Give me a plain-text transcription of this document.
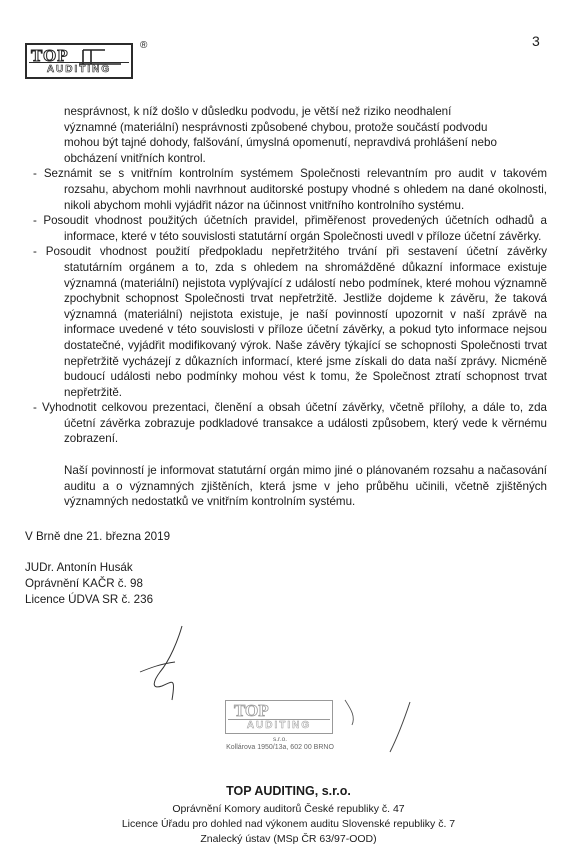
TOP
AUDITING
®	3
nesprávnost, k níž došlo v důsledku podvodu, je větší než riziko neodhalení
významné (materiální) nesprávnosti způsobené chybou, protože součástí podvodu
mohou být tajné dohody, falšování, úmyslná opomenutí, nepravdivá prohlášení nebo
obcházení vnitřních kontrol.
- Seznámit se s vnitřním kontrolním systémem Společnosti relevantním pro audit v takovém rozsahu, abychom mohli navrhnout auditorské postupy vhodné s ohledem na dané okolnosti, nikoli abychom mohli vyjádřit názor na účinnost vnitřního kontrolního systému.
- Posoudit vhodnost použitých účetních pravidel, přiměřenost provedených účetních odhadů a informace, které v této souvislosti statutární orgán Společnosti uvedl v příloze účetní závěrky.
- Posoudit vhodnost použití předpokladu nepřetržitého trvání při sestavení účetní závěrky statutárním orgánem a to, zda s ohledem na shromážděné důkazní informace existuje významná (materiální) nejistota vyplývající z událostí nebo podmínek, které mohou významně zpochybnit schopnost Společnosti trvat nepřetržitě. Jestliže dojdeme k závěru, že taková významná (materiální) nejistota existuje, je naší povinností upozornit v naší zprávě na informace uvedené v této souvislosti v příloze účetní závěrky, a pokud tyto informace nejsou dostatečné, vyjádřit modifikovaný výrok. Naše závěry týkající se schopnosti Společnosti trvat nepřetržitě vycházejí z důkazních informací, které jsme získali do data naší zprávy. Nicméně budoucí události nebo podmínky mohou vést k tomu, že Společnost ztratí schopnost trvat nepřetržitě.
- Vyhodnotit celkovou prezentaci, členění a obsah účetní závěrky, včetně přílohy, a dále to, zda účetní závěrka zobrazuje podkladové transakce a události způsobem, který vede k věrnému zobrazení.
Naší povinností je informovat statutární orgán mimo jiné o plánovaném rozsahu a načasování auditu a o významných zjištěních, která jsme v jeho průběhu učinili, včetně zjištěných významných nedostatků ve vnitřním kontrolním systému.
V Brně dne 21. března 2019
JUDr. Antonín Husák
Oprávnění KAČR č. 98
Licence ÚDVA SR č. 236
TOP
AUDITING
s.r.o.
Kollárova 1950/13a, 602 00 BRNO
TOP AUDITING, s.r.o.
Oprávnění Komory auditorů České republiky č. 47
Licence Úřadu pro dohled nad výkonem auditu Slovenské republiky č. 7
Znalecký ústav (MSp ČR 63/97-OOD)
